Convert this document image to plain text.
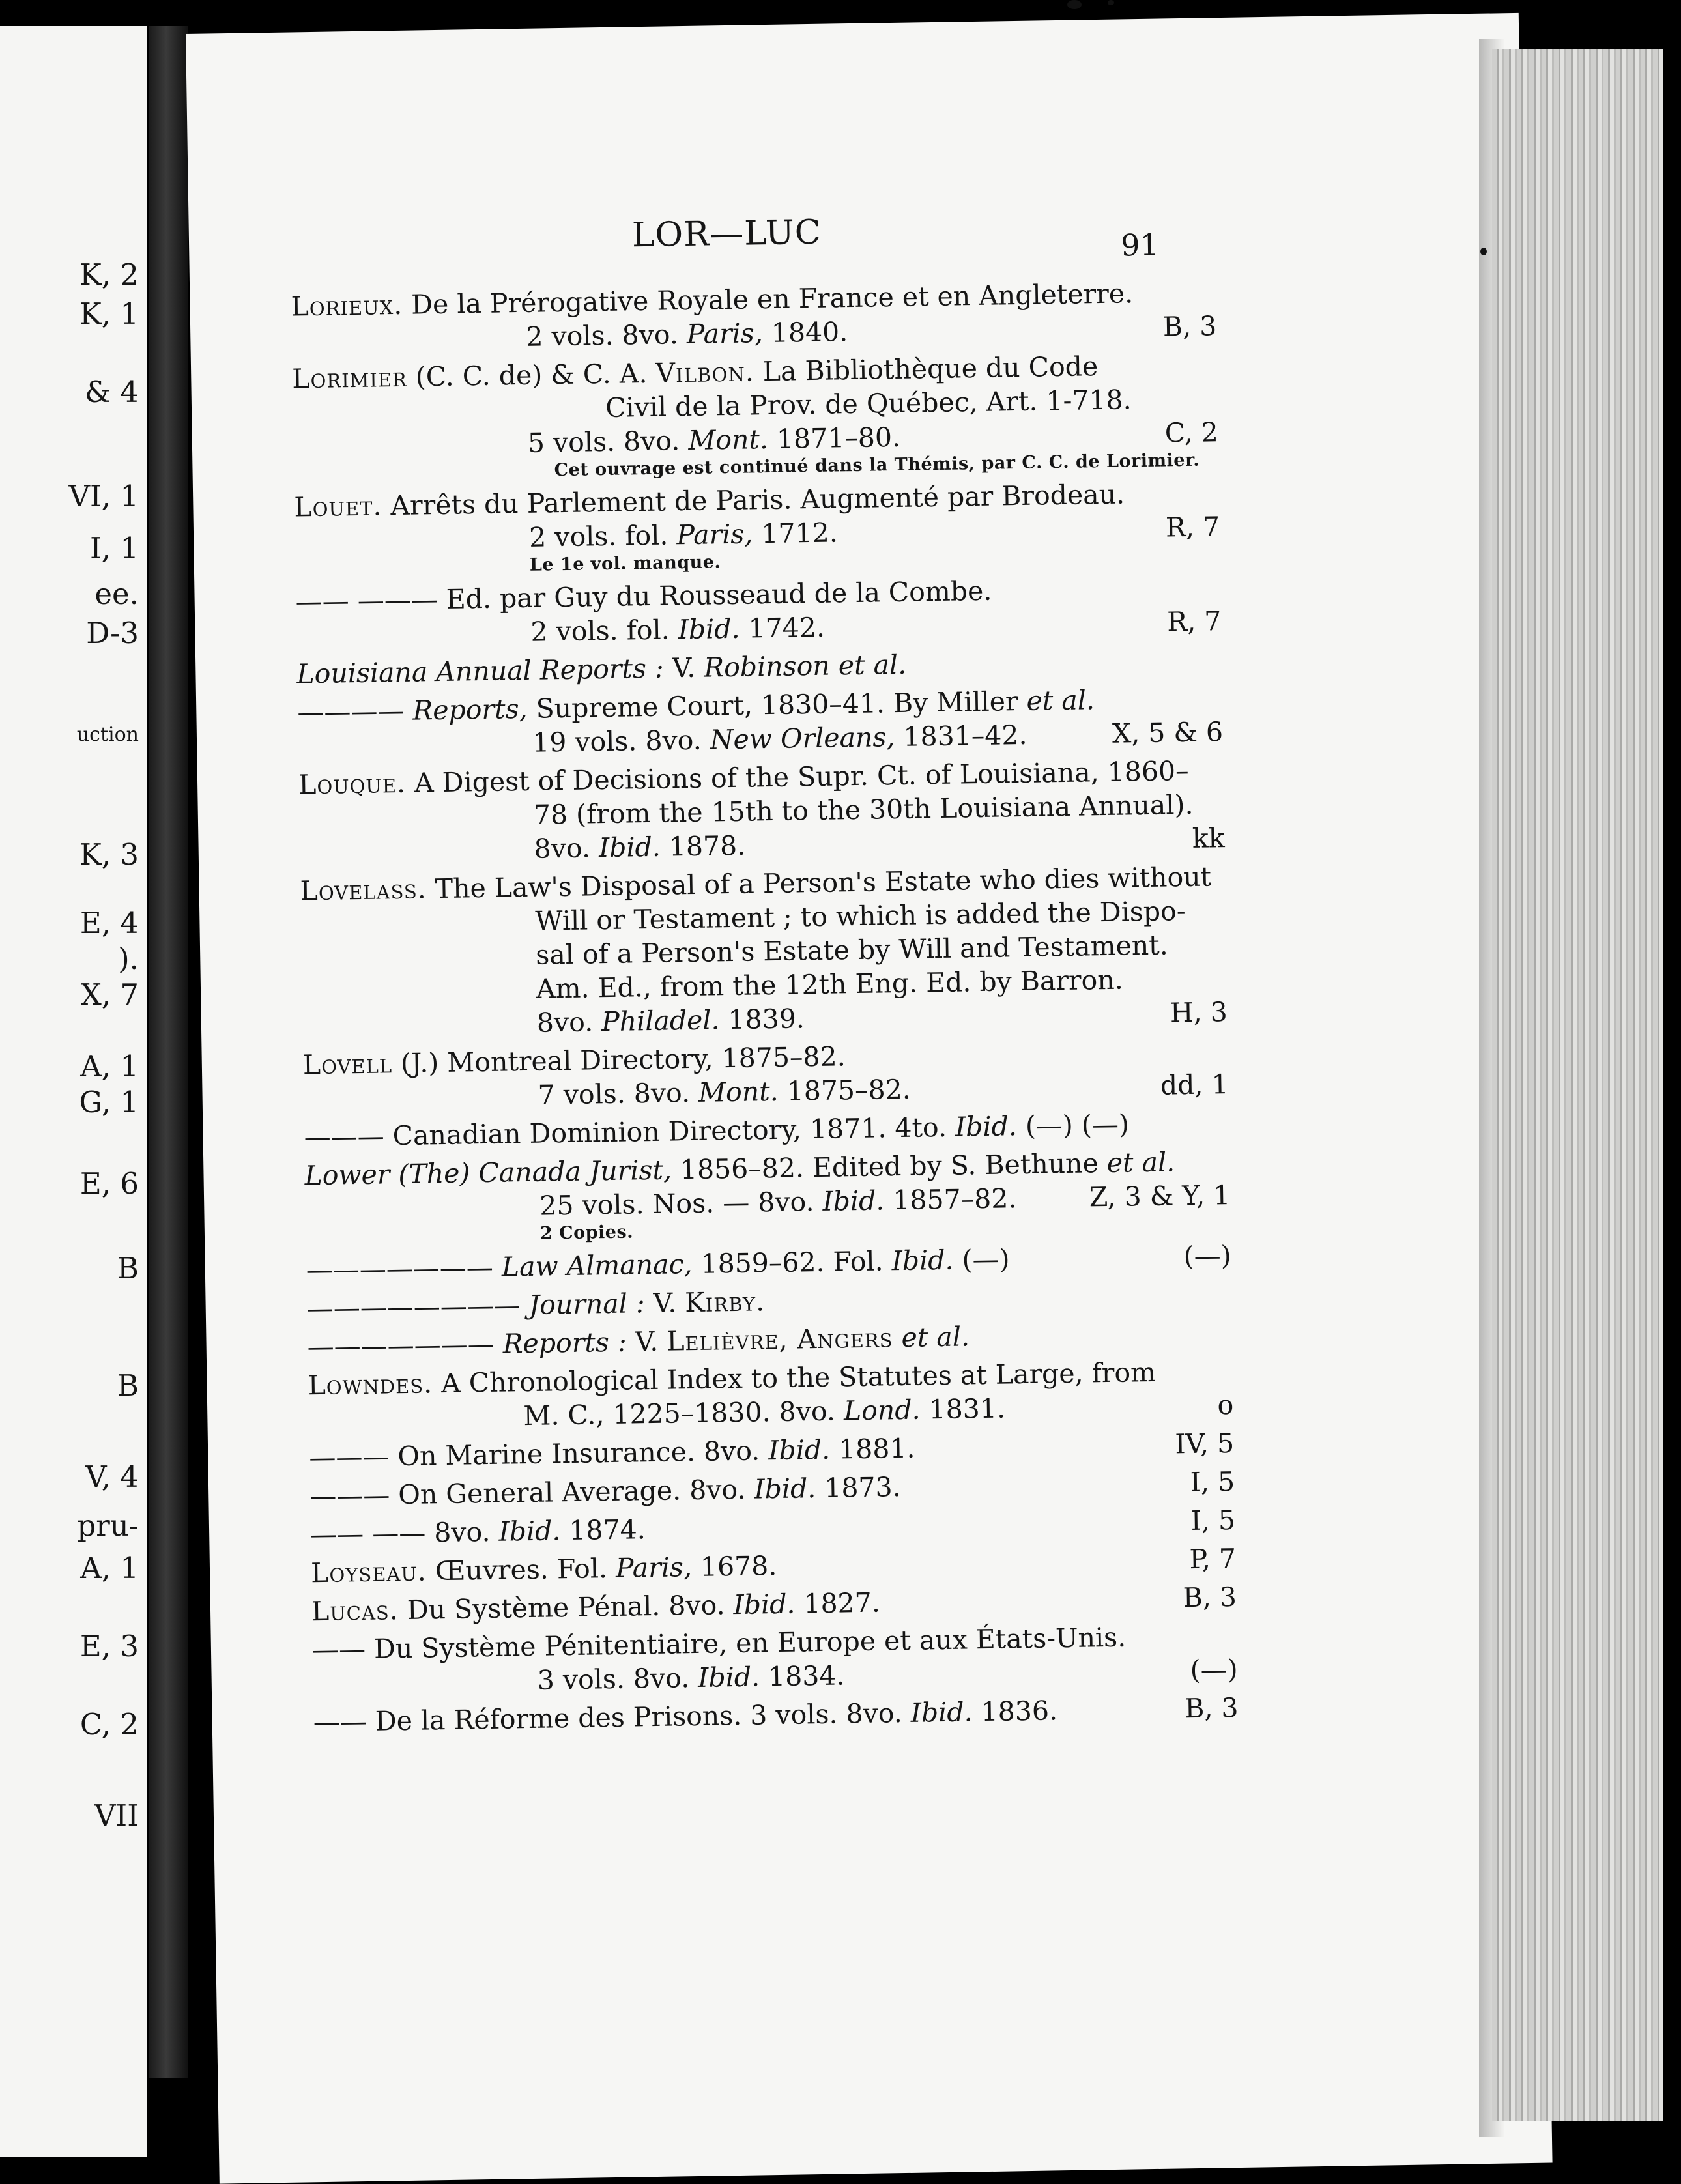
K, 2
K, 1
& 4
VI, 1
I, 1
ee.
D-3
uction
K, 3
E, 4
).
X, 7
A, 1
G, 1
E, 6
B
B
V, 4
pru-
A, 1
E, 3
C, 2
VII
LOR—LUC	91
Lorieux. De la Prérogative Royale en France et en Angleterre.
2 vols. 8vo. Paris, 1840.	B, 3
Lorimier (C. C. de) & C. A. Vilbon. La Bibliothèque du Code
Civil de la Prov. de Québec, Art. 1-718.
5 vols. 8vo. Mont. 1871–80.	C, 2
Cet ouvrage est continué dans la Thémis, par C. C. de Lorimier.
Louet. Arrêts du Parlement de Paris. Augmenté par Brodeau.
2 vols. fol. Paris, 1712.	R, 7
Le 1e vol. manque.
—— ——— Ed. par Guy du Rousseaud de la Combe.
2 vols. fol. Ibid. 1742.	R, 7
Louisiana Annual Reports : V. Robinson et al.
———— Reports, Supreme Court, 1830–41. By Miller et al.
19 vols. 8vo. New Orleans, 1831–42.	X, 5 & 6
Louque. A Digest of Decisions of the Supr. Ct. of Louisiana, 1860–
78 (from the 15th to the 30th Louisiana Annual).
8vo. Ibid. 1878.	kk
Lovelass. The Law's Disposal of a Person's Estate who dies without
Will or Testament ; to which is added the Dispo-
sal of a Person's Estate by Will and Testament.
Am. Ed., from the 12th Eng. Ed. by Barron.
8vo. Philadel. 1839.	H, 3
Lovell (J.) Montreal Directory, 1875–82.
7 vols. 8vo. Mont. 1875–82.	dd, 1
——— Canadian Dominion Directory, 1871. 4to. Ibid. (—) (—)
Lower (The) Canada Jurist, 1856–82. Edited by S. Bethune et al.
25 vols. Nos. — 8vo. Ibid. 1857–82.	Z, 3 & Y, 1
2 Copies.
——————— Law Almanac, 1859–62. Fol. Ibid. (—)	(—)
———————— Journal : V. Kirby.
——————— Reports : V. Lelièvre, Angers et al.
Lowndes. A Chronological Index to the Statutes at Large, from
M. C., 1225–1830. 8vo. Lond. 1831.	o
——— On Marine Insurance. 8vo. Ibid. 1881.	IV, 5
——— On General Average. 8vo. Ibid. 1873.	I, 5
—— —— 8vo. Ibid. 1874.	I, 5
Loyseau. Œuvres. Fol. Paris, 1678.	P, 7
Lucas. Du Système Pénal. 8vo. Ibid. 1827.	B, 3
—— Du Système Pénitentiaire, en Europe et aux États-Unis.
3 vols. 8vo. Ibid. 1834.	(—)
—— De la Réforme des Prisons. 3 vols. 8vo. Ibid. 1836.	B, 3
